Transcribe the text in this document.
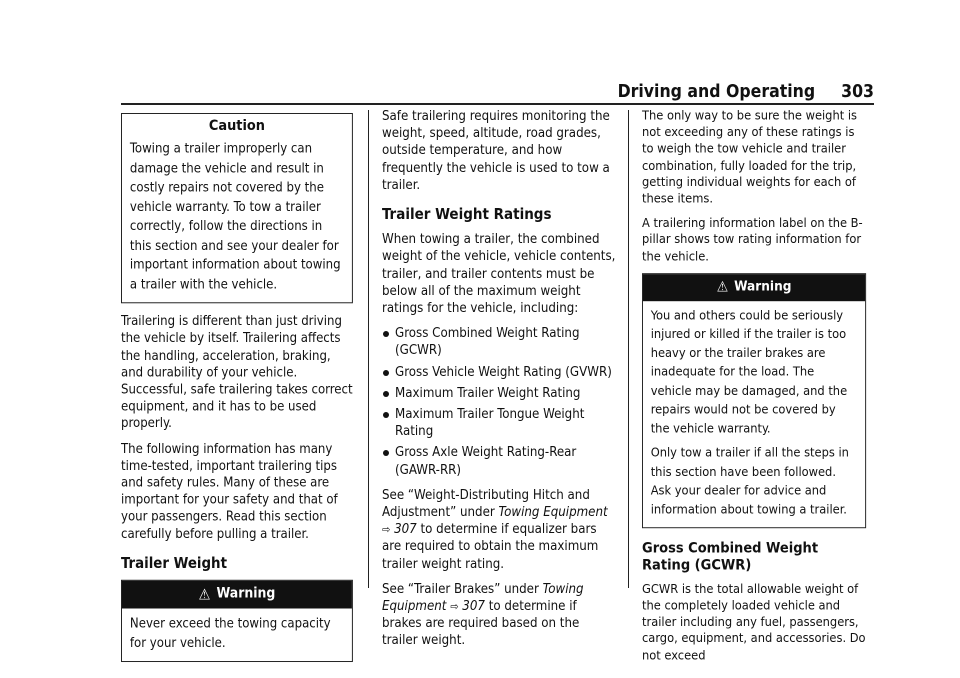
Driving and Operating 303
Caution
Towing a trailer improperly can damage the vehicle and result in costly repairs not covered by the vehicle warranty. To tow a trailer correctly, follow the directions in this section and see your dealer for important information about towing a trailer with the vehicle.

Trailering is different than just driving the vehicle by itself. Trailering affects the handling, acceleration, braking, and durability of your vehicle. Successful, safe trailering takes correct equipment, and it has to be used properly.

The following information has many time-tested, important trailering tips and safety rules. Many of these are important for your safety and that of your passengers. Read this section carefully before pulling a trailer.

Trailer Weight
⚠ Warning
Never exceed the towing capacity for your vehicle.

Safe trailering requires monitoring the weight, speed, altitude, road grades, outside temperature, and how frequently the vehicle is used to tow a trailer.

Trailer Weight Ratings

When towing a trailer, the combined weight of the vehicle, vehicle contents, trailer, and trailer contents must be below all of the maximum weight ratings for the vehicle, including:

Gross Combined Weight Rating (GCWR)
Gross Vehicle Weight Rating (GVWR)
Maximum Trailer Weight Rating
Maximum Trailer Tongue Weight Rating
Gross Axle Weight Rating-Rear (GAWR-RR)

See “Weight-Distributing Hitch and Adjustment” under Towing Equipment ⇨ 307 to determine if equalizer bars are required to obtain the maximum trailer weight rating.

See “Trailer Brakes” under Towing Equipment ⇨ 307 to determine if brakes are required based on the trailer weight.

The only way to be sure the weight is not exceeding any of these ratings is to weigh the tow vehicle and trailer combination, fully loaded for the trip, getting individual weights for each of these items.

A trailering information label on the B-pillar shows tow rating information for the vehicle.

⚠ Warning

You and others could be seriously injured or killed if the trailer is too heavy or the trailer brakes are inadequate for the load. The vehicle may be damaged, and the repairs would not be covered by the vehicle warranty.

Only tow a trailer if all the steps in this section have been followed. Ask your dealer for advice and information about towing a trailer.

Gross Combined Weight Rating (GCWR)

GCWR is the total allowable weight of the completely loaded vehicle and trailer including any fuel, passengers, cargo, equipment, and accessories. Do not exceed
